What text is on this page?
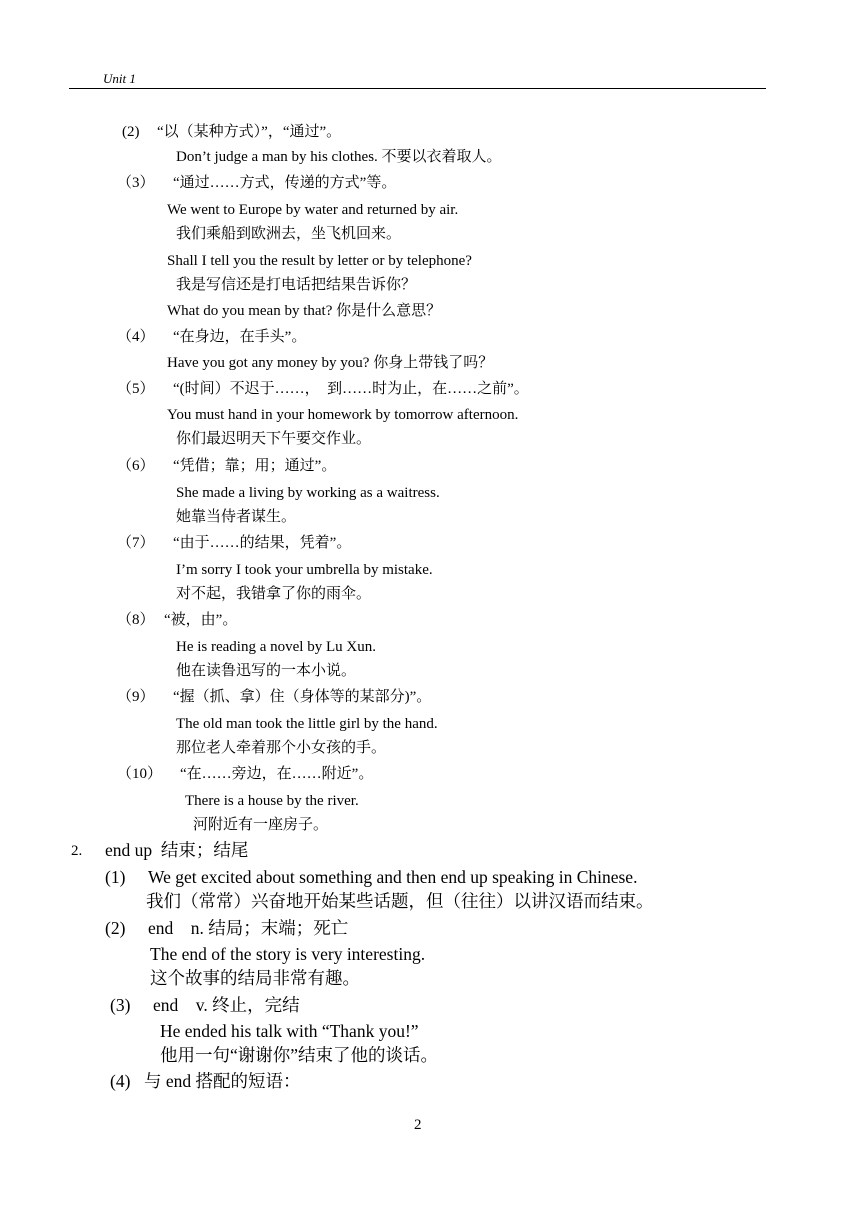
Unit 1
(2) “以（某种方式）”，“通过”。
Don’t judge a man by his clothes. 不要以衣着取人。
（3） “通过……方式，传递的方式”等。
We went to Europe by water and returned by air.
我们乘船到欧洲去，坐飞机回来。
Shall I tell you the result by letter or by telephone?
我是写信还是打电话把结果告诉你？
What do you mean by that? 你是什么意思？
（4） “在身边，在手头”。
Have you got any money by you? 你身上带钱了吗？
（5） “(时间）不迟于……，　到……时为止，在……之前”。
You must hand in your homework by tomorrow afternoon.
你们最迟明天下午要交作业。
（6） “凭借；靠；用；通过”。
She made a living by working as a waitress.
她靠当侍者谋生。
（7） “由于……的结果，凭着”。
I’m sorry I took your umbrella by mistake.
对不起，我错拿了你的雨伞。
（8） “被，由”。
He is reading a novel by Lu Xun.
他在读鲁迅写的一本小说。
（9） “握（抓、拿）住（身体等的某部分)”。
The old man took the little girl by the hand.
那位老人牵着那个小女孩的手。
（10） “在……旁边，在……附近”。
There is a house by the river.
河附近有一座房子。
2. end up 结束；结尾
(1) We get excited about something and then end up speaking in Chinese.
我们（常常）兴奋地开始某些话题，但（往往）以讲汉语而结束。
(2) end n. 结局；末端；死亡
The end of the story is very interesting.
这个故事的结局非常有趣。
(3) end v. 终止，完结
He ended his talk with “Thank you!”
他用一句“谢谢你”结束了他的谈话。
(4) 与 end 搭配的短语：
2
